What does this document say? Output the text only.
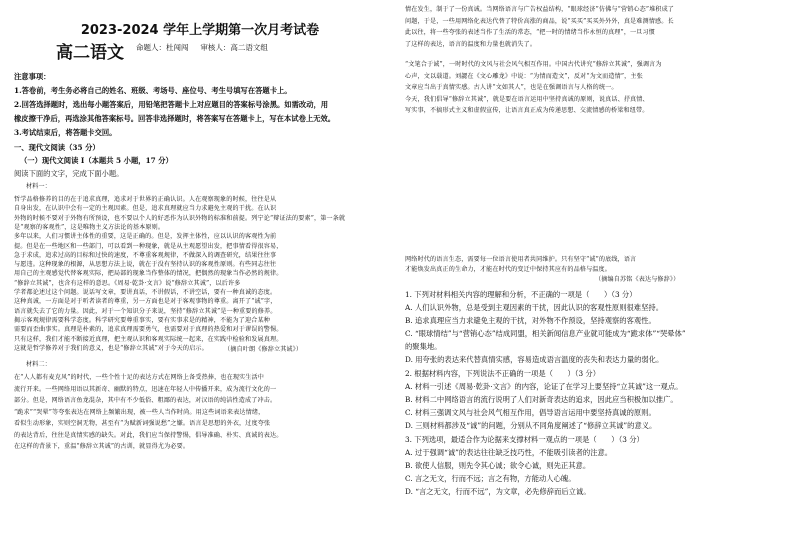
2023-2024 学年上学期第一次月考试卷
高二语文 命题人：杜闯闯 审核人：高二语文组
注意事项：
1.答卷前，考生务必将自己的姓名、班级、考场号、座位号、考生号填写在答题卡上。
2.回答选择题时，选出每小题答案后，用铅笔把答题卡上对应题目的答案标号涂黑。如需改动，用
橡皮擦干净后，再选涂其他答案标号。回答非选择题时，将答案写在答题卡上，写在本试卷上无效。
3.考试结束后，将答题卡交回。
一、现代文阅读（35 分）
（一）现代文阅读 Ⅰ（本题共 5 小题，17 分）
阅读下面的文字，完成下面小题。
材料一：
哲学品格修养的目的在于追求真理，追求对于世界的正确认识。人在观察现象的时候，往往是从
自身出发，在认识中会有一定的主观因素。但是，追求真理就应当力求避免主观的干扰。在认识
外物的时候不要对于外物有所预设，也不要以个人的好恶作为认识外物的标准和前提。列宁论“辩证法的要素”，第一条就
是“观察的客观性”，这是唯物主义方法论的基本原则。
多年以来，人们习惯讲主体性的重要，这是正确的。但是，发挥主体性，应以认识的客观性为前
提。但是在一些地区和一些部门，可以看到一种现象，就是从主观愿望出发，把事情看得很容易，
急于求成，追求过高的目标和过快的速度，不尊重客观规律，不做深入的调查研究，结果往往事
与愿违。这种现象的根源，从思想方法上说，就在于没有坚持认识的客观性原则。有些同志往往
用自己的主观感觉代替客观实际，把局部的现象当作整体的情况，把偶然的现象当作必然的规律。
“修辞立其诚”，也含有这样的意思。《周易·乾卦·文言》说“修辞立其诚”，以后许多
学者都论述过这个问题。说话写文章，要讲真话，不讲假话，不讲空话，要有一种真诚的态度。
这种真诚，一方面是对于听者读者的尊重，另一方面也是对于客观事物的尊重。离开了“诚”字，
语言就失去了它的力量。因此，对于一个知识分子来说，坚持“修辞立其诚”是一种重要的修养。
揭示客观规律需要科学态度。科学研究要尊重事实，要有实事求是的精神，不能为了迎合某种
需要而歪曲事实。真理是朴素的，追求真理需要勇气，也需要对于真理的热爱和对于谬误的警惕。
只有这样，我们才能不断接近真理，把主观认识和客观实际统一起来，在实践中检验和发展真理。
这就是哲学修养对于我们的意义，也是“修辞立其诚”对于今天的启示。	（摘自叶朗《修辞立其诚》）
材料二：
在“人人都有麦克风”的时代，一些个性十足的表达方式在网络上备受热捧，也在现实生活中
流行开来。一些网络用语以其新奇、幽默的特点，迅速在年轻人中传播开来，成为流行文化的一
部分。但是，网络语言鱼龙混杂，其中有不少低俗、粗鄙的表达，对汉语的纯洁性造成了冲击。
“跪求”“哭晕”等夸张表达在网络上频繁出现，被一些人当作时尚。用这些词语来表达情绪，
看似生动形象，实则空洞无物，甚至有“为赋新词强说愁”之嫌。语言是思想的外衣，过度夸张
的表达背后，往往是真情实感的缺失。对此，我们应当保持警惕，倡导准确、朴实、真诚的表达。
在这样的背景下，重温“修辞立其诚”的古训，就显得尤为必要。
情在发生，制于了一份真诚。当网络语言与广告权益结构，“眼球经济”仿佛与“营销心态”堆积成了
问题，于是，一些用网络化表达代替了特价高涨的商品，说“买买”买买外外外，真是难测情感。长
此以往，将一些夸张的表述当作了生活的常态，“把一时的情绪当作永恒的真理”，一旦习惯
了这样的表达，语言的温度和力量也就消失了。
“文笔合于诚”，一时时代的文风与社会风气相互作用。中国古代讲究“修辞立其诚”，强调言为
心声，文以载道。刘勰在《文心雕龙》中说：“为情而造文”，反对“为文而造情”，主张
文章应当出于真情实感。古人讲“文如其人”，也是在强调语言与人格的统一。
今天，我们倡导“修辞立其诚”，就是要在语言运用中坚持真诚的原则，说真话、抒真情、
写实事，不搞形式主义和虚假宣传，让语言真正成为传递思想、交流情感的桥梁和纽带。
网络时代的语言生态，需要每一位语言使用者共同维护。只有坚守“诚”的底线，语言
才能焕发出真正的生命力，才能在时代的变迁中保持其应有的品格与温度。
（摘编自苏铭《表达与修辞》）
1. 下列对材料相关内容的理解和分析，不正确的一项是（　　）（3 分）
A. 人们认识外物，总是受到主观因素的干扰，因此认识的客观性原则很难坚持。
B. 追求真理应当力求避免主观的干扰，对外物不作预设，坚持观察的客观性。
C. “眼球情结”与“营销心态”结成同盟，相关新闻信息产业就可能成为“跪求体”“哭晕体”
的聚集地。
D. 用夸张的表达来代替真情实感，容易造成语言温度的丧失和表达力量的弱化。
2. 根据材料内容，下列说法不正确的一项是（　　）（3 分）
A. 材料一引述《周易·乾卦·文言》的内容，论证了在学习上要坚持“立其诚”这一观点。
B. 材料二中网络语言的流行说明了人们对新奇表达的追求，因此应当积极加以推广。
C. 材料三强调文风与社会风气相互作用，倡导语言运用中要坚持真诚的原则。
D. 三则材料都涉及“诚”的问题，分别从不同角度阐述了“修辞立其诚”的意义。
3. 下列选项，最适合作为论据来支撑材料一观点的一项是（　　）（3 分）
A. 过于强调“诚”的表达往往缺乏技巧性，不能吸引读者的注意。
B. 欲使人信服，则先令其心诚；欲令心诚，则先正其意。
C. 言之无文，行而不远；言之有物，方能动人心魄。
D. “言之无文，行而不远”，为文章，必先修辞而后立诚。
